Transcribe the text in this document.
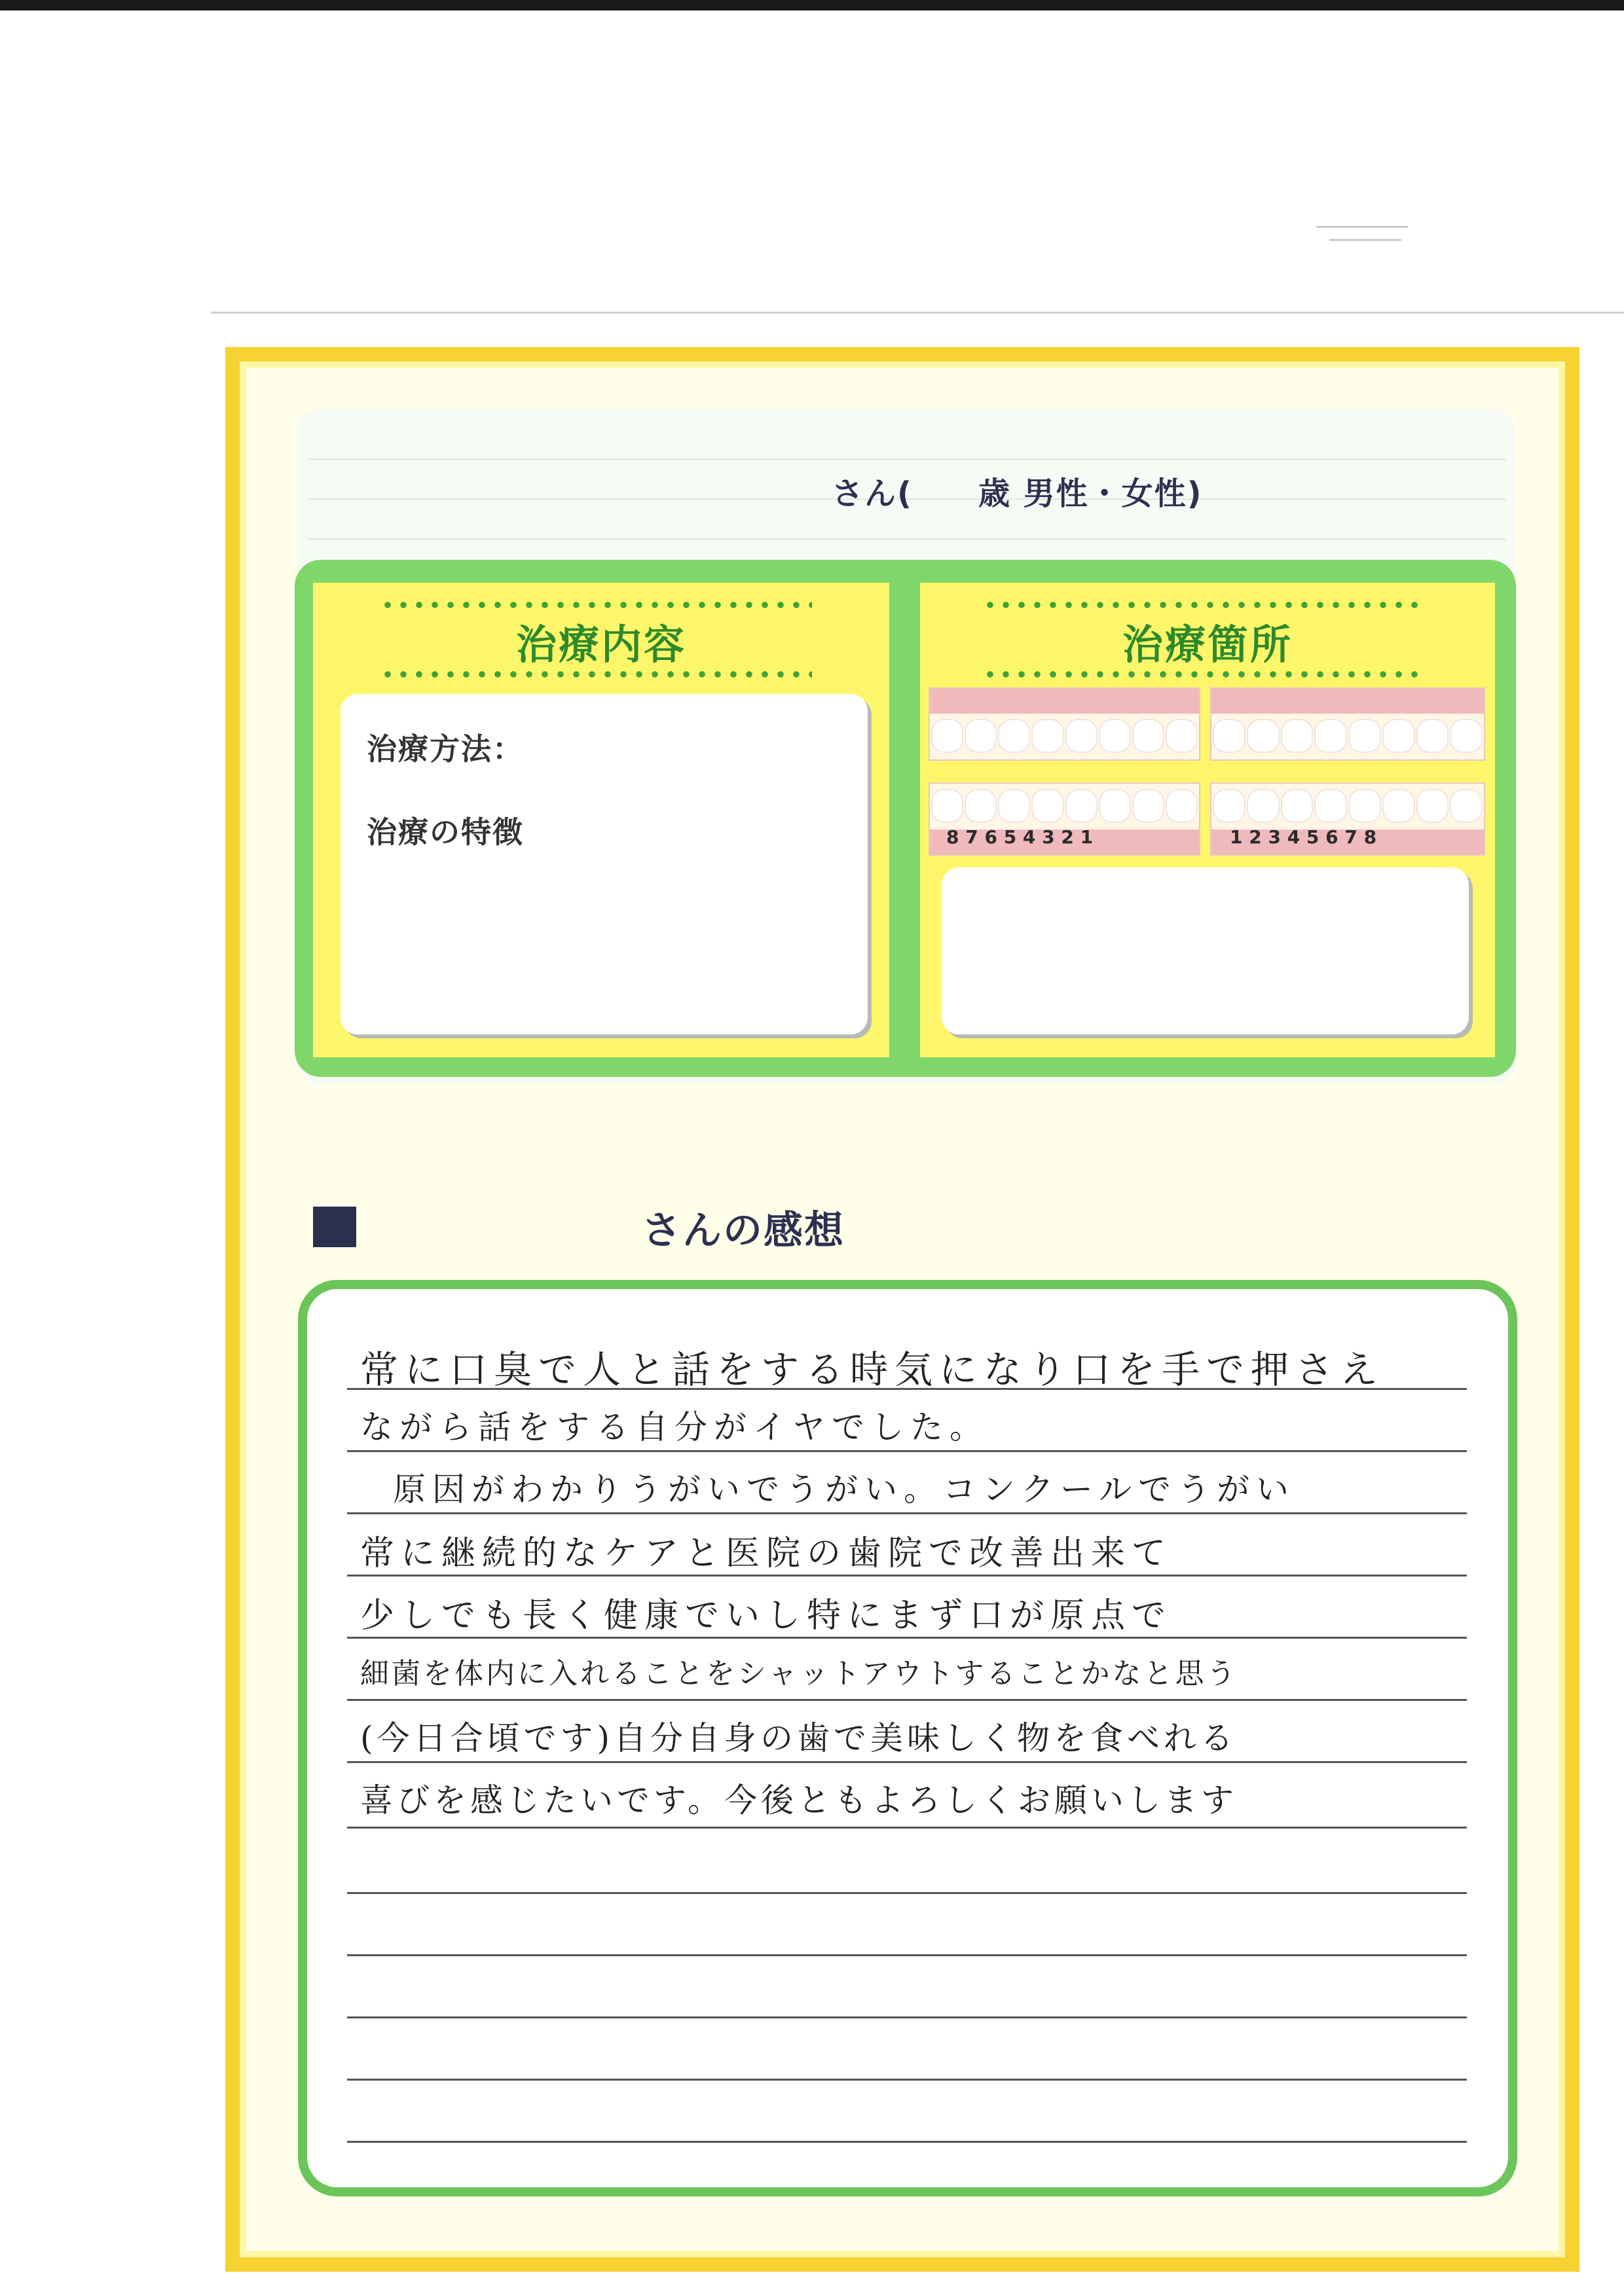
さん(　　歳 男性・女性)
治療内容
治療方法：
治療の特徴
治療箇所
8 7 6 5 4 3 2 1	1 2 3 4 5 6 7 8
さんの感想
常に口臭で人と話をする時気になり口を手で押さえ
ながら話をする自分がイヤでした。
原因がわかりうがいでうがい。コンクールでうがい
常に継続的なケアと医院の歯院で改善出来て
少しでも長く健康でいし特にまず口が原点で
細菌を体内に入れることをシャットアウトすることかなと思う
(今日合頃です)自分自身の歯で美味しく物を食べれる
喜びを感じたいです。今後ともよろしくお願いします
